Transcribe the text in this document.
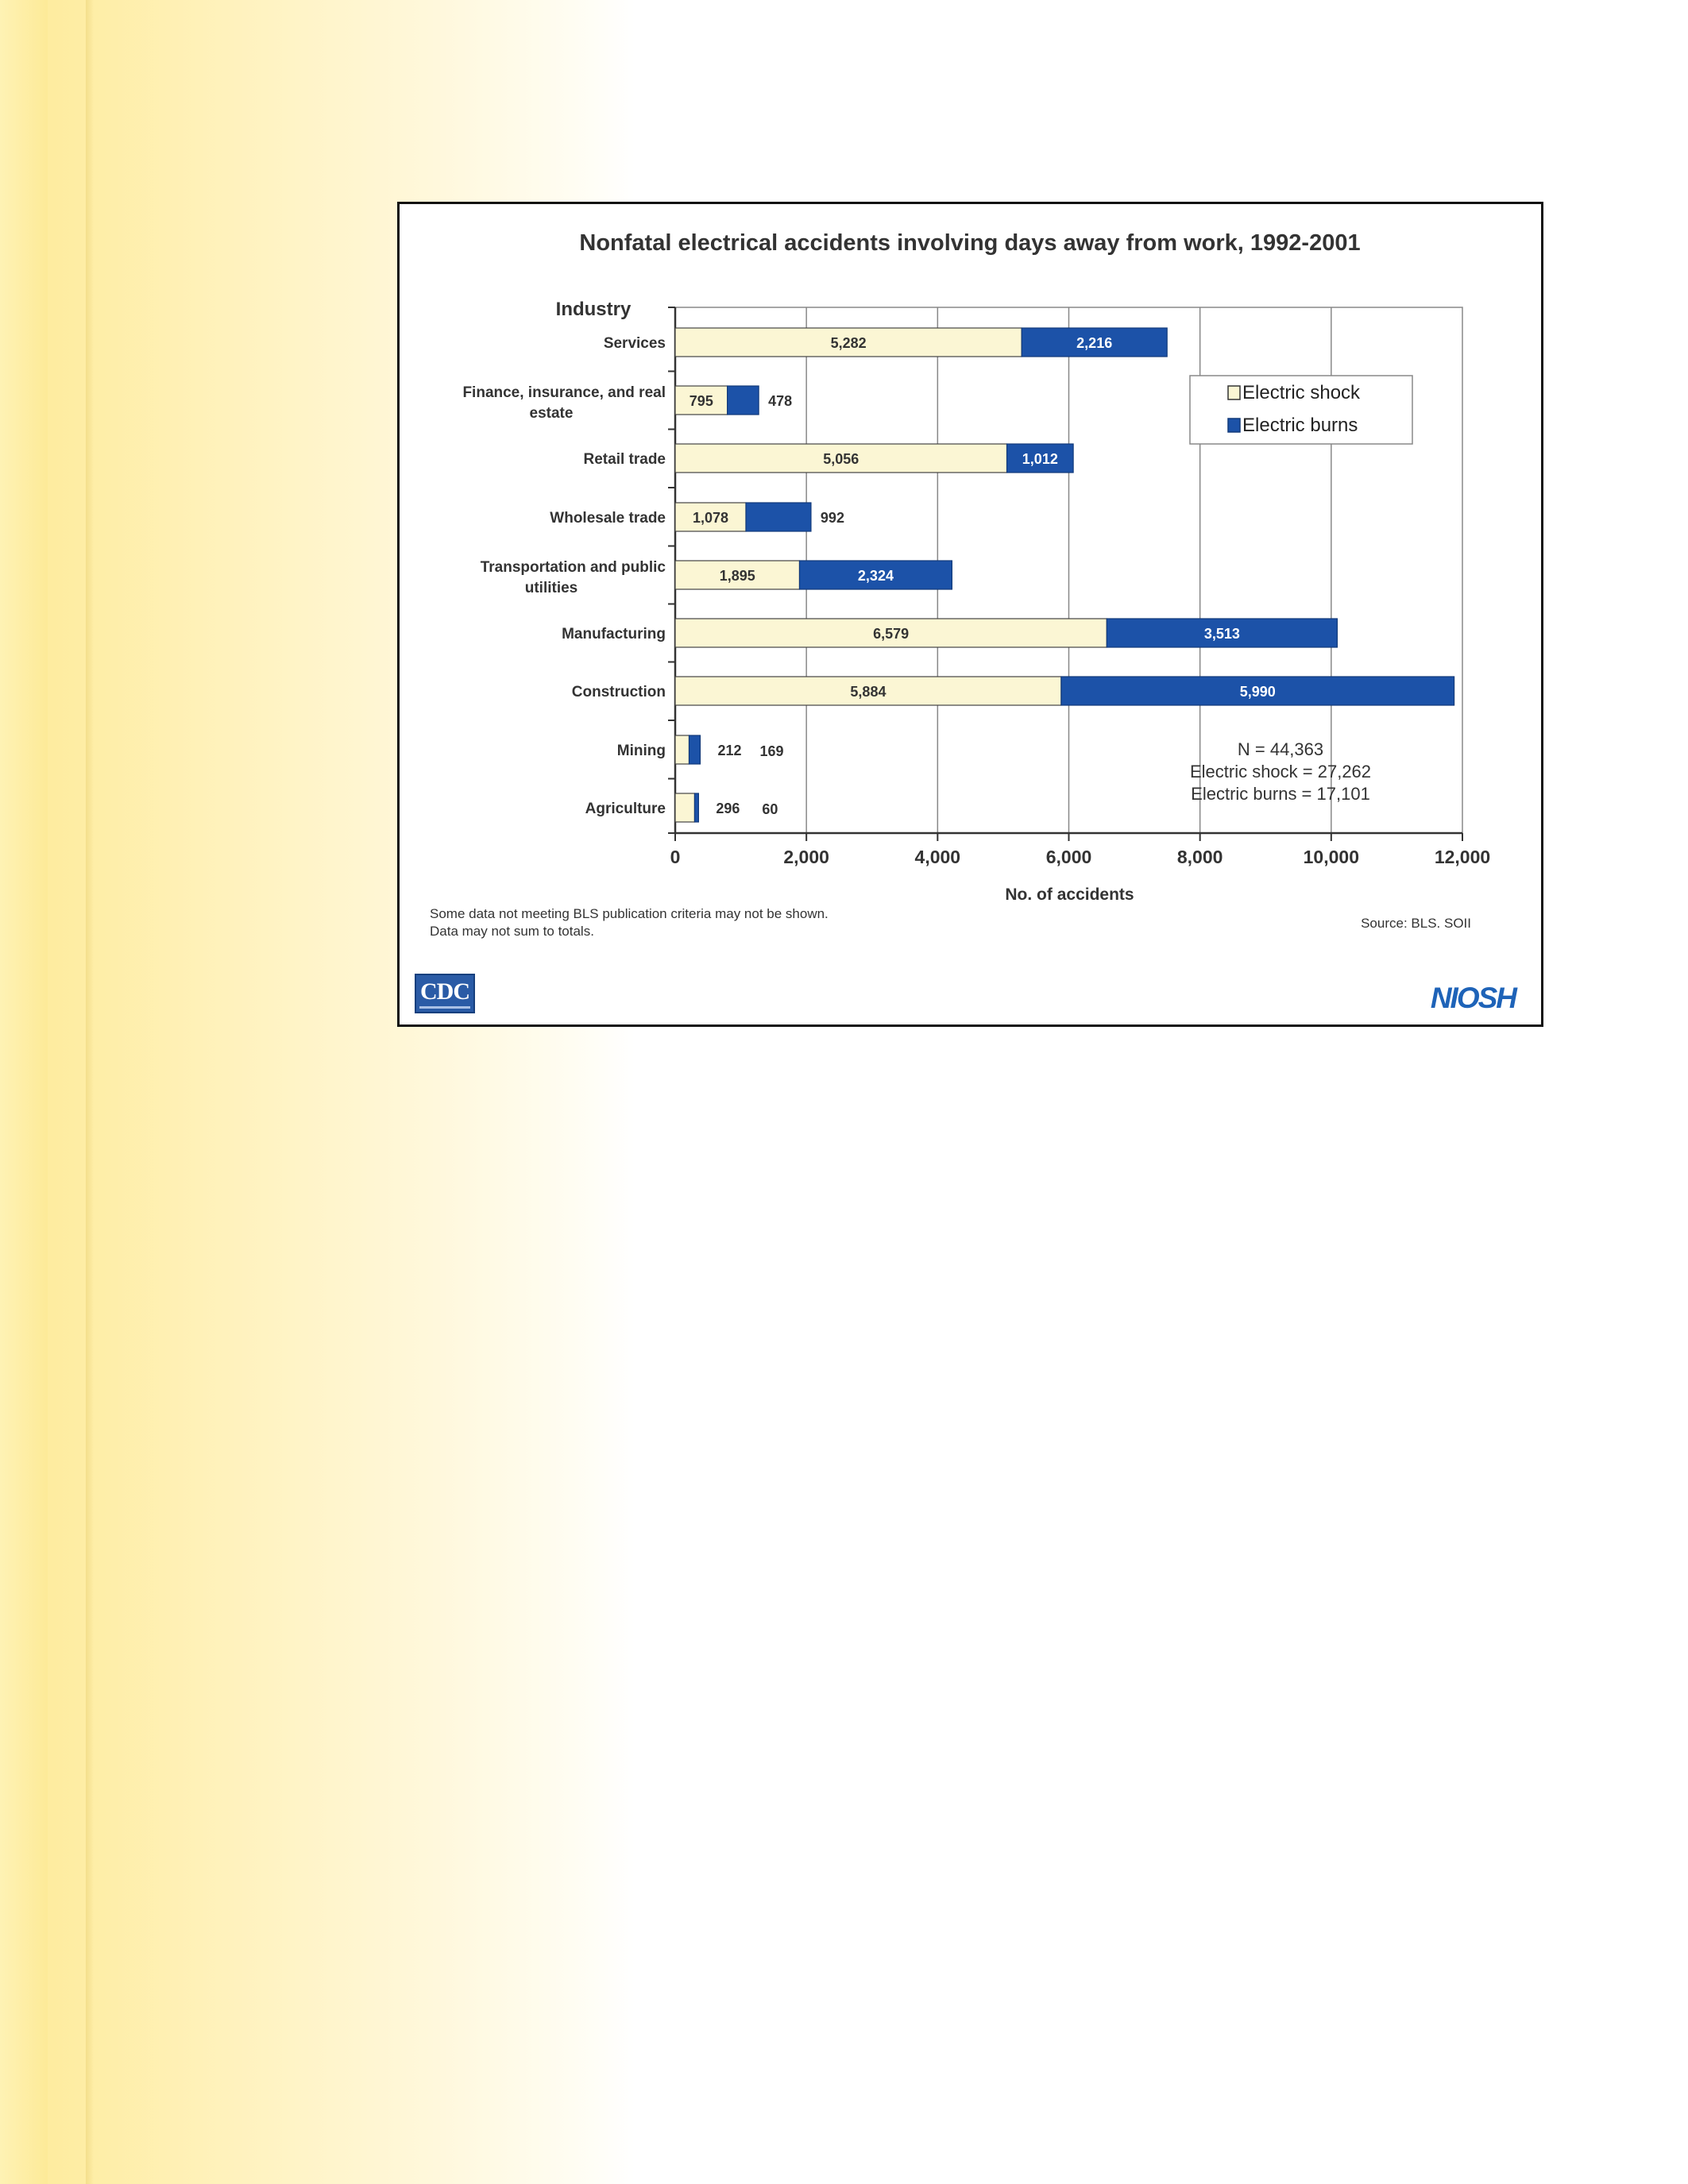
Nonfatal electrical accidents involving days away from work, 1992-2001
Industry
0	2,000	4,000	6,000	8,000	10,000	12,000
No. of accidents
Services
Finance, insurance, and real
estate
Retail trade
Wholesale trade
Transportation and public
utilities
Manufacturing
Construction
Mining
Agriculture
5,282	2,216
795	478
5,056	1,012
1,078	992
1,895	2,324
6,579	3,513
5,884	5,990
212 169
296 60
Electric shock
Electric burns
N = 44,363
Electric shock = 27,262
Electric burns = 17,101
Some data not meeting BLS publication criteria may not be shown.
Data may not sum to totals.
Source: BLS. SOII
CDC	NIOSH
